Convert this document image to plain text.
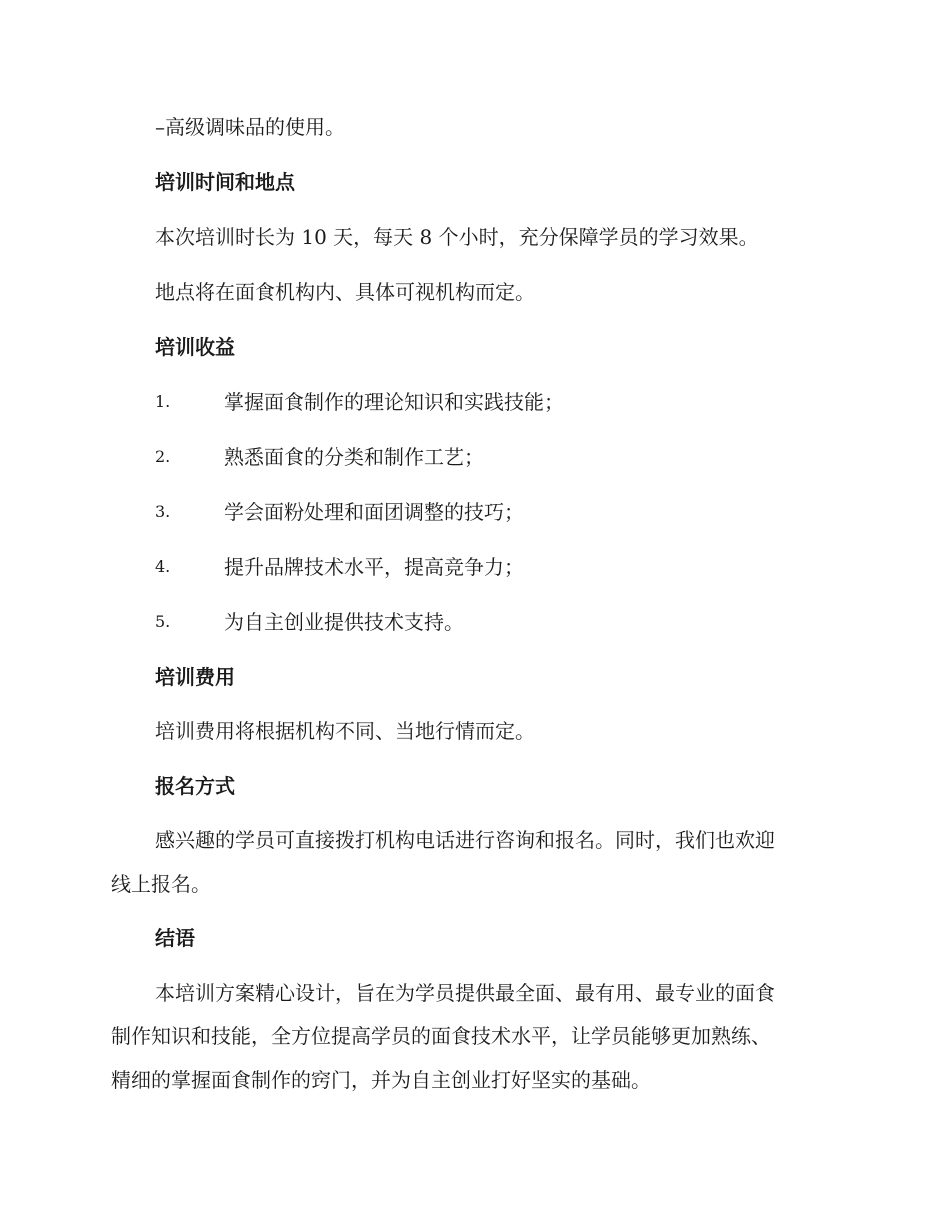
–高级调味品的使用。
培训时间和地点
本次培训时长为 10 天，每天 8 个小时，充分保障学员的学习效果。
地点将在面食机构内、具体可视机构而定。
培训收益
1.	掌握面食制作的理论知识和实践技能；
2.	熟悉面食的分类和制作工艺；
3.	学会面粉处理和面团调整的技巧；
4.	提升品牌技术水平，提高竞争力；
5.	为自主创业提供技术支持。
培训费用
培训费用将根据机构不同、当地行情而定。
报名方式
感兴趣的学员可直接拨打机构电话进行咨询和报名。同时，我们也欢迎
线上报名。
结语
本培训方案精心设计，旨在为学员提供最全面、最有用、最专业的面食
制作知识和技能，全方位提高学员的面食技术水平，让学员能够更加熟练、
精细的掌握面食制作的窍门，并为自主创业打好坚实的基础。
